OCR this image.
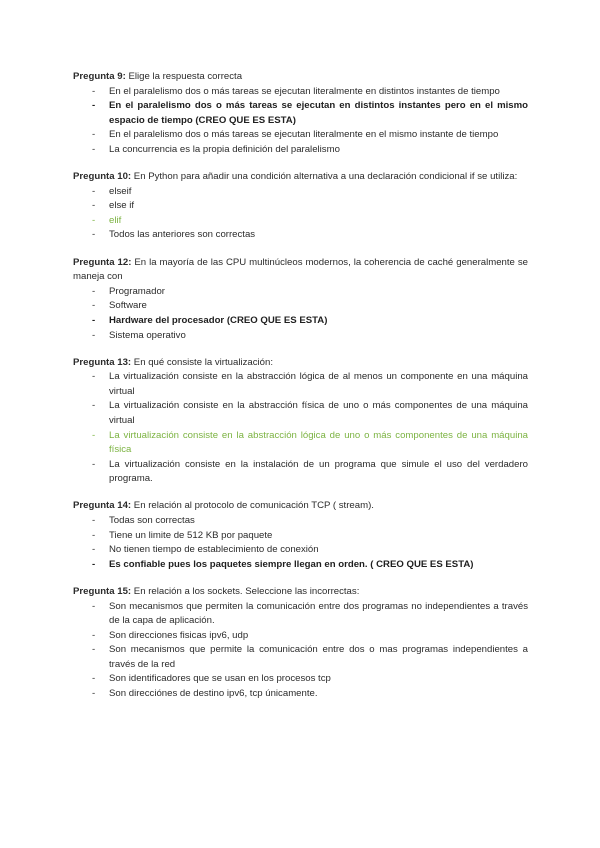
Pregunta 9: Elige la respuesta correcta
- En el paralelismo dos o más tareas se ejecutan literalmente en distintos instantes de tiempo
- En el paralelismo dos o más tareas se ejecutan en distintos instantes pero en el mismo espacio de tiempo (CREO QUE ES ESTA)
- En el paralelismo dos o más tareas se ejecutan literalmente en el mismo instante de tiempo
- La concurrencia es la propia definición del paralelismo
Pregunta 10: En Python para añadir una condición alternativa a una declaración condicional if se utiliza:
- elseif
- else if
- elif
- Todos las anteriores son correctas
Pregunta 12: En la mayoría de las CPU multinúcleos modernos, la coherencia de caché generalmente se maneja con
- Programador
- Software
- Hardware del procesador (CREO QUE ES ESTA)
- Sistema operativo
Pregunta 13: En qué consiste la virtualización:
- La virtualización consiste en la abstracción lógica de al menos un componente en una máquina virtual
- La virtualización consiste en la abstracción física de uno o más componentes de una máquina virtual
- La virtualización consiste en la abstracción lógica de uno o más componentes de una máquina física
- La virtualización consiste en la instalación de un programa que simule el uso del verdadero programa.
Pregunta 14: En relación al protocolo de comunicación TCP ( stream).
- Todas son correctas
- Tiene un limite de 512 KB por paquete
- No tienen tiempo de establecimiento de conexión
- Es confiable pues los paquetes siempre llegan en orden. ( CREO QUE ES ESTA)
Pregunta 15: En relación a los sockets. Seleccione las incorrectas:
- Son mecanismos que permiten la comunicación entre dos programas no independientes a través de la capa de aplicación.
- Son direcciones fisicas ipv6, udp
- Son mecanismos que permite la comunicación entre dos o mas programas independientes a través de la red
- Son identificadores que se usan en los procesos tcp
- Son direcciónes de destino ipv6, tcp únicamente.
